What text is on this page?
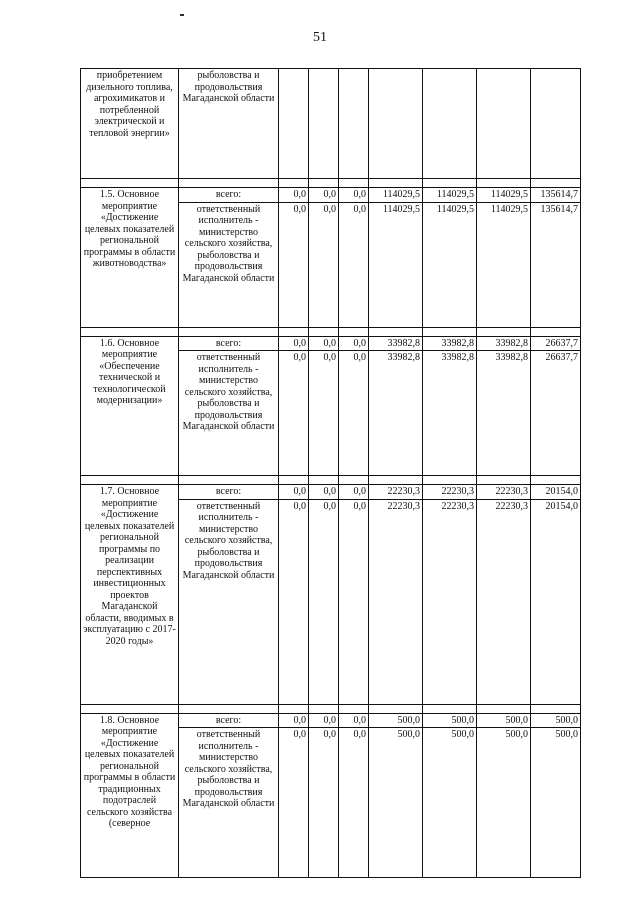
51
приобретением дизельного топлива, агрохимикатов и потребленной электрической и тепловой энергии»	рыболовства и продовольствия Магаданской области							

1.5. Основное мероприятие «Достижение целевых показателей региональной программы в области животноводства»	всего:	0,0	0,0	0,0	114029,5	114029,5	114029,5	135614,7
	ответственный исполнитель - министерство сельского хозяйства, рыболовства и продовольствия Магаданской области	0,0	0,0	0,0	114029,5	114029,5	114029,5	135614,7

1.6. Основное мероприятие «Обеспечение технической и технологической модернизации»	всего:	0,0	0,0	0,0	33982,8	33982,8	33982,8	26637,7
	ответственный исполнитель - министерство сельского хозяйства, рыболовства и продовольствия Магаданской области	0,0	0,0	0,0	33982,8	33982,8	33982,8	26637,7

1.7. Основное мероприятие «Достижение целевых показателей региональной программы по реализации перспективных инвестиционных проектов Магаданской области, вводимых в эксплуатацию с 2017-2020 годы»	всего:	0,0	0,0	0,0	22230,3	22230,3	22230,3	20154,0
	ответственный исполнитель - министерство сельского хозяйства, рыболовства и продовольствия Магаданской области	0,0	0,0	0,0	22230,3	22230,3	22230,3	20154,0

1.8. Основное мероприятие «Достижение целевых показателей региональной программы в области традиционных подотраслей сельского хозяйства (северное	всего:	0,0	0,0	0,0	500,0	500,0	500,0	500,0
	ответственный исполнитель - министерство сельского хозяйства, рыболовства и продовольствия Магаданской области	0,0	0,0	0,0	500,0	500,0	500,0	500,0
